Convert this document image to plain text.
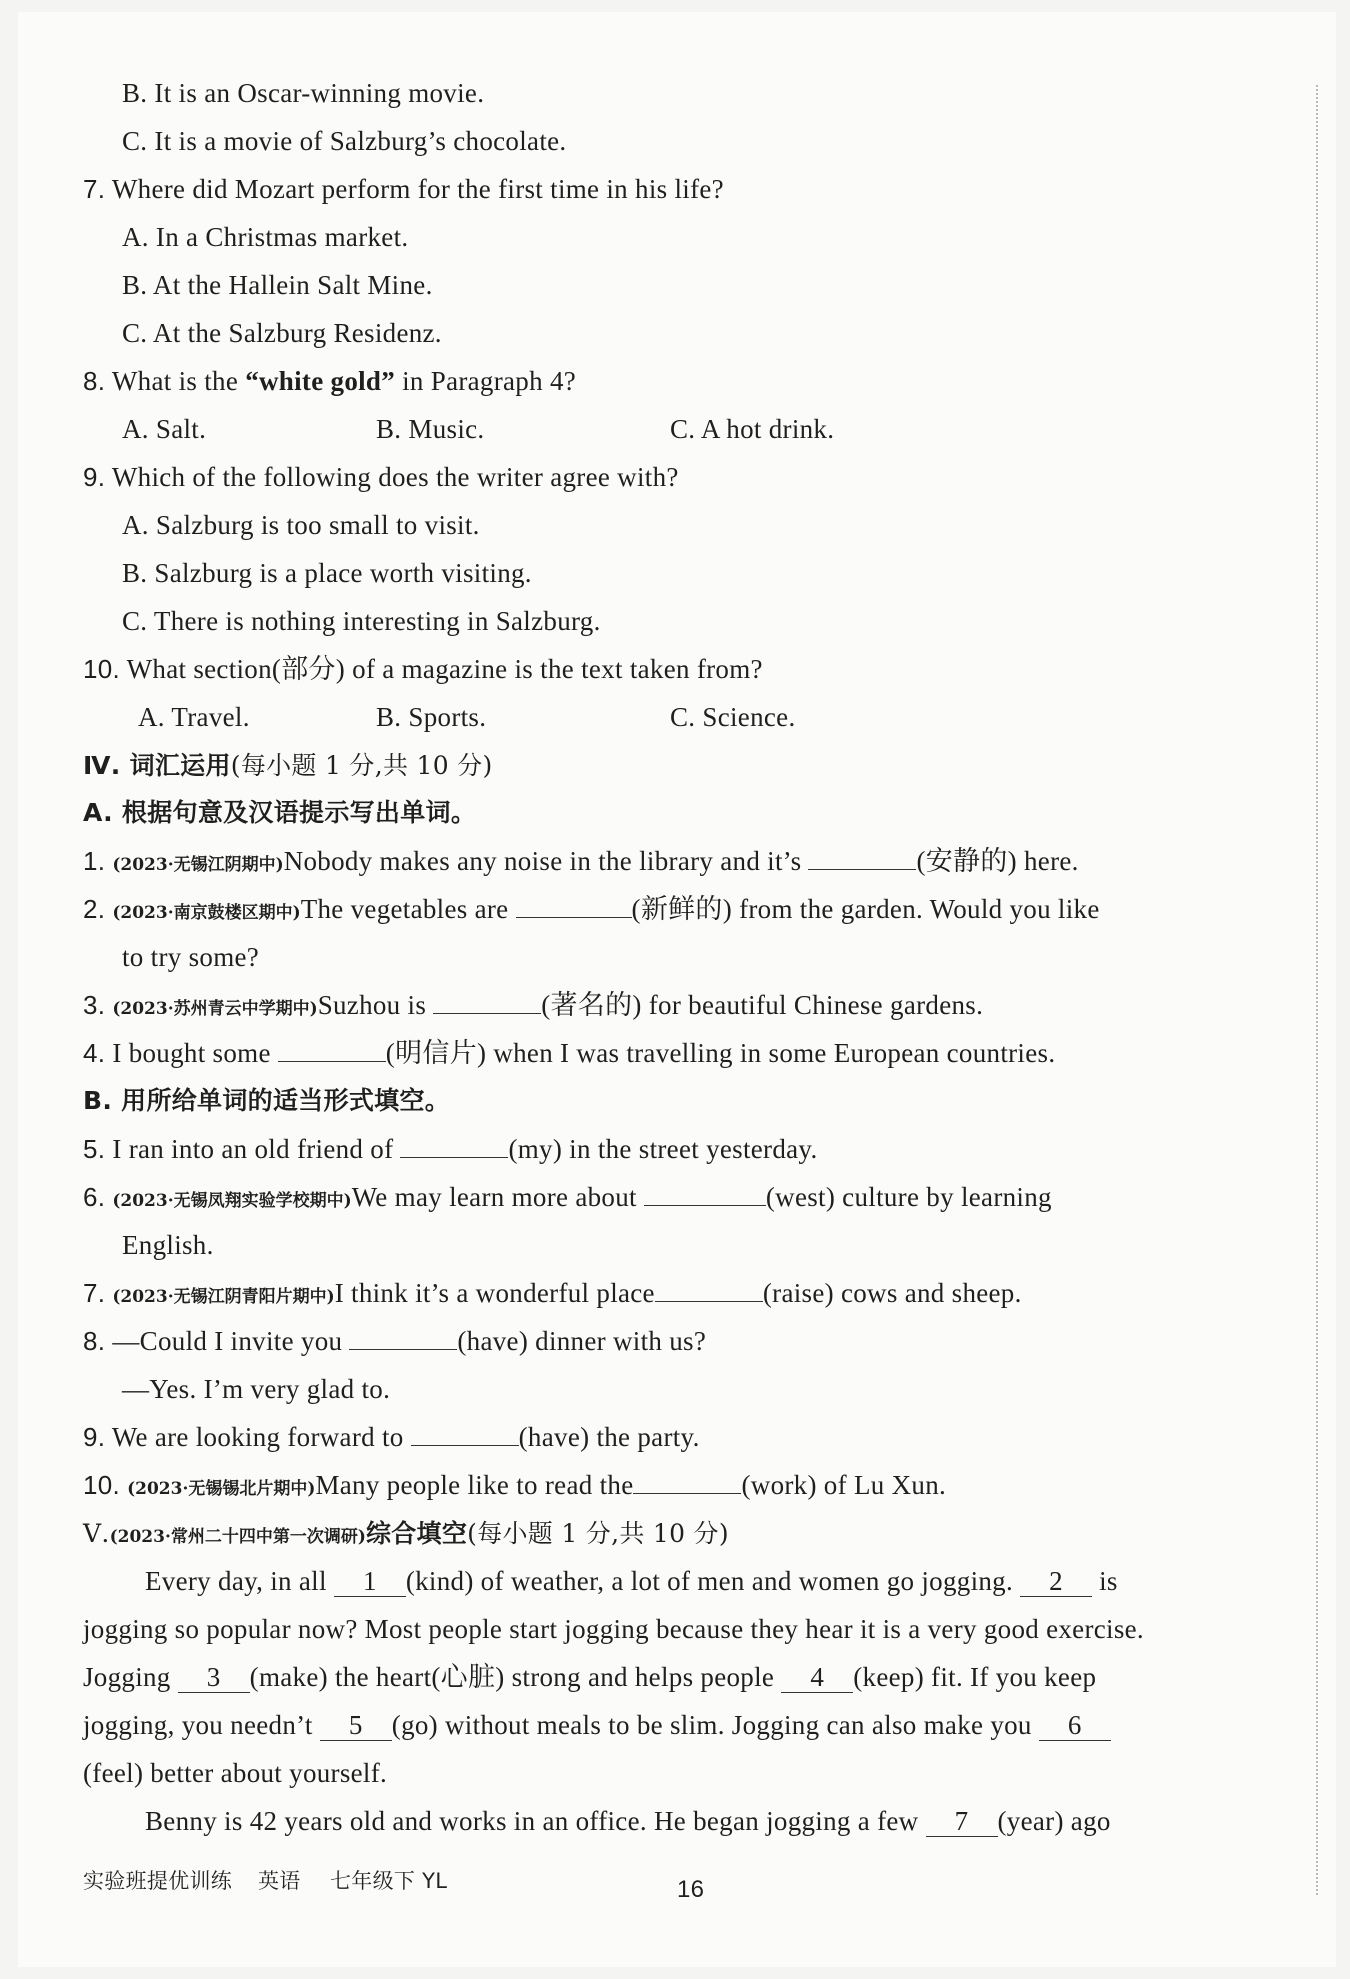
B. It is an Oscar-winning movie.
C. It is a movie of Salzburg’s chocolate.
7. Where did Mozart perform for the first time in his life?
A. In a Christmas market.
B. At the Hallein Salt Mine.
C. At the Salzburg Residenz.
8. What is the “white gold” in Paragraph 4?
A. Salt.	B. Music.	C. A hot drink.
9. Which of the following does the writer agree with?
A. Salzburg is too small to visit.
B. Salzburg is a place worth visiting.
C. There is nothing interesting in Salzburg.
10. What section(部分) of a magazine is the text taken from?
A. Travel.	B. Sports.	C. Science.
Ⅳ. 词汇运用(每小题 1 分,共 10 分)
A. 根据句意及汉语提示写出单词。
1. (2023·无锡江阴期中)Nobody makes any noise in the library and it’s	(安静的) here.
2. (2023·南京鼓楼区期中)The vegetables are	(新鲜的) from the garden. Would you like
to try some?
3. (2023·苏州青云中学期中)Suzhou is	(著名的) for beautiful Chinese gardens.
4. I bought some	(明信片) when I was travelling in some European countries.
B. 用所给单词的适当形式填空。
5. I ran into an old friend of	(my) in the street yesterday.
6. (2023·无锡凤翔实验学校期中)We may learn more about	(west) culture by learning
English.
7. (2023·无锡江阴青阳片期中)I think it’s a wonderful place	(raise) cows and sheep.
8. —Could I invite you	(have) dinner with us?
—Yes. I’m very glad to.
9. We are looking forward to	(have) the party.
10. (2023·无锡锡北片期中)Many people like to read the	(work) of Lu Xun.
Ⅴ.(2023·常州二十四中第一次调研)综合填空(每小题 1 分,共 10 分)
Every day, in all 1 (kind) of weather, a lot of men and women go jogging. 2 is
jogging so popular now? Most people start jogging because they hear it is a very good exercise.
Jogging 3 (make) the heart(心脏) strong and helps people 4 (keep) fit. If you keep
jogging, you needn’t 5 (go) without meals to be slim. Jogging can also make you 6
(feel) better about yourself.
Benny is 42 years old and works in an office. He began jogging a few 7 (year) ago
实验班提优训练 英语 七年级下 YL	16
